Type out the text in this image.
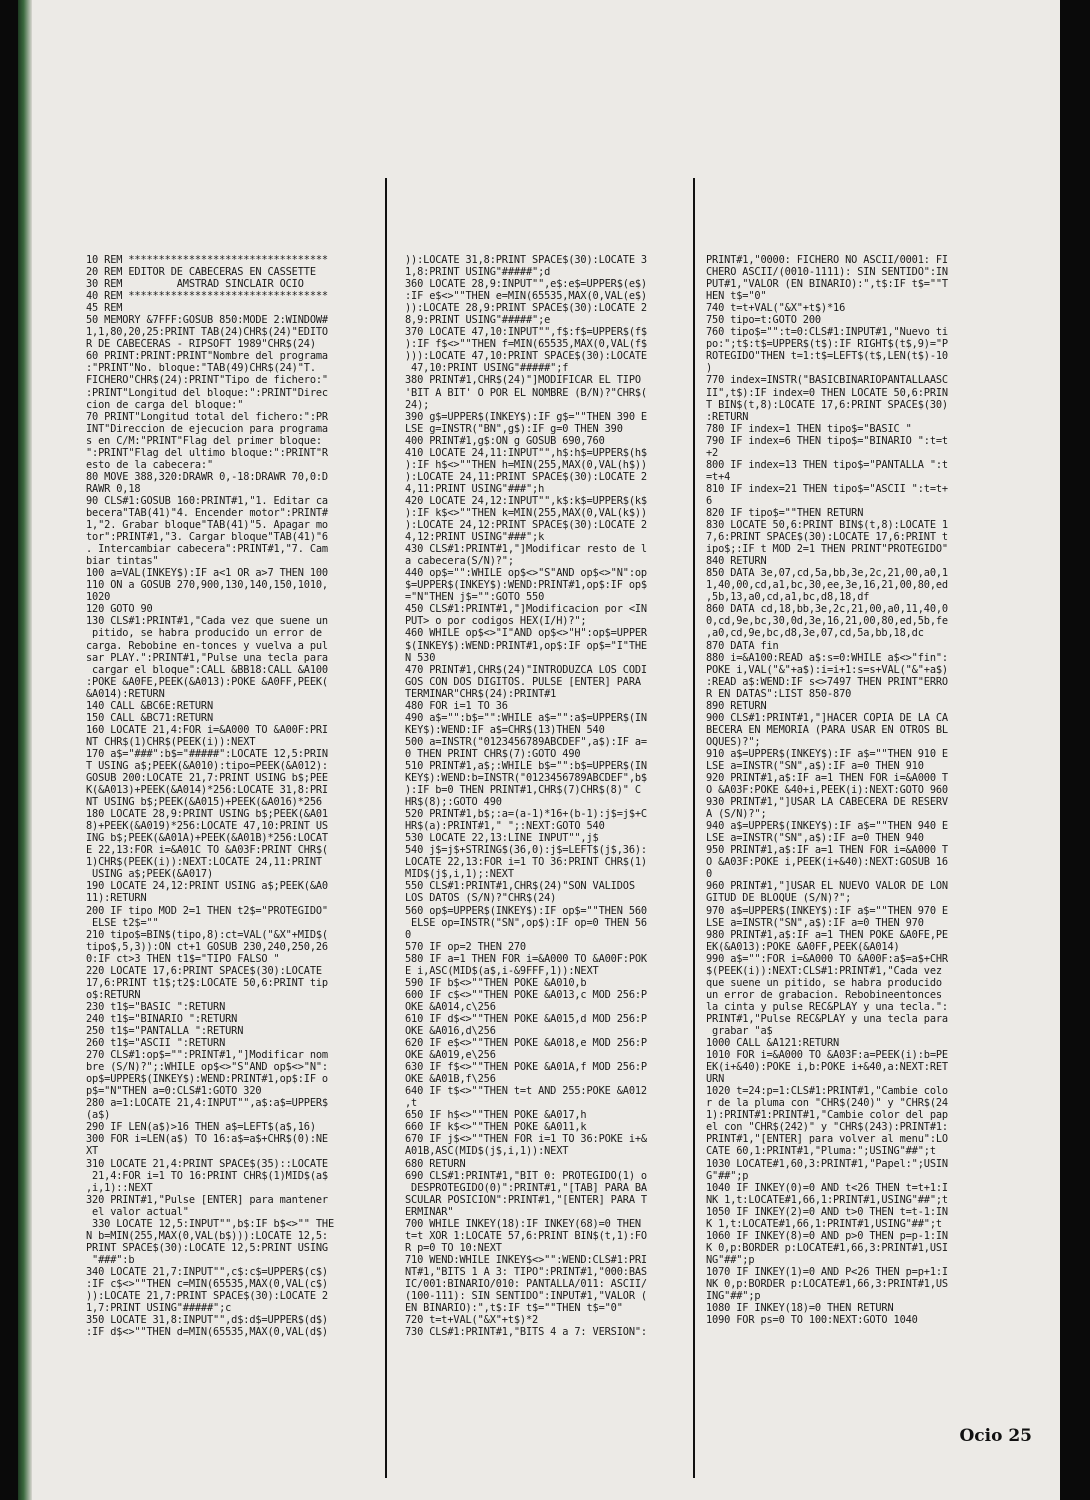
10 REM *********************************
20 REM EDITOR DE CABECERAS EN CASSETTE
30 REM         AMSTRAD SINCLAIR OCIO
40 REM *********************************
45 REM
50 MEMORY &7FFF:GOSUB 850:MODE 2:WINDOW#
1,1,80,20,25:PRINT TAB(24)CHR$(24)"EDITO
R DE CABECERAS - RIPSOFT 1989"CHR$(24)
60 PRINT:PRINT:PRINT"Nombre del programa
:"PRINT"No. bloque:"TAB(49)CHR$(24)"T.
FICHERO"CHR$(24):PRINT"Tipo de fichero:"
:PRINT"Longitud del bloque:":PRINT"Direc
cion de carga del bloque:"
70 PRINT"Longitud total del fichero:":PR
INT"Direccion de ejecucion para programa
s en C/M:"PRINT"Flag del primer bloque:
":PRINT"Flag del ultimo bloque:":PRINT"R
esto de la cabecera:"
80 MOVE 388,320:DRAWR 0,-18:DRAWR 70,0:D
RAWR 0,18
90 CLS#1:GOSUB 160:PRINT#1,"1. Editar ca
becera"TAB(41)"4. Encender motor":PRINT#
1,"2. Grabar bloque"TAB(41)"5. Apagar mo
tor":PRINT#1,"3. Cargar bloque"TAB(41)"6
. Intercambiar cabecera":PRINT#1,"7. Cam
biar tintas"
100 a=VAL(INKEY$):IF a<1 OR a>7 THEN 100
110 ON a GOSUB 270,900,130,140,150,1010,
1020
120 GOTO 90
130 CLS#1:PRINT#1,"Cada vez que suene un
pitido, se habra producido un error de
carga. Rebobine en-tonces y vuelva a pul
sar PLAY.":PRINT#1,"Pulse una tecla para
cargar el bloque":CALL &BB18:CALL &A100
:POKE &A0FE,PEEK(&A013):POKE &A0FF,PEEK(
&A014):RETURN
140 CALL &BC6E:RETURN
150 CALL &BC71:RETURN
160 LOCATE 21,4:FOR i=&A000 TO &A00F:PRI
NT CHR$(1)CHR$(PEEK(i)):NEXT
170 a$="###":b$="#####":LOCATE 12,5:PRIN
T USING a$;PEEK(&A010):tipo=PEEK(&A012):
GOSUB 200:LOCATE 21,7:PRINT USING b$;PEE
K(&A013)+PEEK(&A014)*256:LOCATE 31,8:PRI
NT USING b$;PEEK(&A015)+PEEK(&A016)*256
180 LOCATE 28,9:PRINT USING b$;PEEK(&A01
8)+PEEK(&A019)*256:LOCATE 47,10:PRINT US
ING b$;PEEK(&A01A)+PEEK(&A01B)*256:LOCAT
E 22,13:FOR i=&A01C TO &A03F:PRINT CHR$(
1)CHR$(PEEK(i)):NEXT:LOCATE 24,11:PRINT
USING a$;PEEK(&A017)
190 LOCATE 24,12:PRINT USING a$;PEEK(&A0
11):RETURN
200 IF tipo MOD 2=1 THEN t2$="PROTEGIDO"
ELSE t2$=""
210 tipo$=BIN$(tipo,8):ct=VAL("&X"+MID$(
tipo$,5,3)):ON ct+1 GOSUB 230,240,250,26
0:IF ct>3 THEN t1$="TIPO FALSO "
220 LOCATE 17,6:PRINT SPACE$(30):LOCATE
17,6:PRINT t1$;t2$:LOCATE 50,6:PRINT tip
o$:RETURN
230 t1$="BASIC ":RETURN
240 t1$="BINARIO ":RETURN
250 t1$="PANTALLA ":RETURN
260 t1$="ASCII ":RETURN
270 CLS#1:op$="":PRINT#1,"]Modificar nom
bre (S/N)?";:WHILE op$<>"S"AND op$<>"N":
op$=UPPER$(INKEY$):WEND:PRINT#1,op$:IF o
p$="N"THEN a=0:CLS#1:GOTO 320
280 a=1:LOCATE 21,4:INPUT"",a$:a$=UPPER$
(a$)
290 IF LEN(a$)>16 THEN a$=LEFT$(a$,16)
300 FOR i=LEN(a$) TO 16:a$=a$+CHR$(0):NE
XT
310 LOCATE 21,4:PRINT SPACE$(35)::LOCATE
21,4:FOR i=1 TO 16:PRINT CHR$(1)MID$(a$
,i,1)::NEXT
320 PRINT#1,"Pulse [ENTER] para mantener
el valor actual"
330 LOCATE 12,5:INPUT"",b$:IF b$<>"" THE
N b=MIN(255,MAX(0,VAL(b$))):LOCATE 12,5:
PRINT SPACE$(30):LOCATE 12,5:PRINT USING
"###":b
340 LOCATE 21,7:INPUT"",c$:c$=UPPER$(c$)
:IF c$<>""THEN c=MIN(65535,MAX(0,VAL(c$)
)):LOCATE 21,7:PRINT SPACE$(30):LOCATE 2
1,7:PRINT USING"#####";c
350 LOCATE 31,8:INPUT"",d$:d$=UPPER$(d$)
:IF d$<>""THEN d=MIN(65535,MAX(0,VAL(d$)
)):LOCATE 31,8:PRINT SPACE$(30):LOCATE 3
1,8:PRINT USING"#####";d
360 LOCATE 28,9:INPUT"",e$:e$=UPPER$(e$)
:IF e$<>""THEN e=MIN(65535,MAX(0,VAL(e$)
)):LOCATE 28,9:PRINT SPACE$(30):LOCATE 2
8,9:PRINT USING"#####";e
370 LOCATE 47,10:INPUT"",f$:f$=UPPER$(f$
):IF f$<>""THEN f=MIN(65535,MAX(0,VAL(f$
))):LOCATE 47,10:PRINT SPACE$(30):LOCATE
47,10:PRINT USING"#####";f
380 PRINT#1,CHR$(24)"]MODIFICAR EL TIPO
'BIT A BIT' O POR EL NOMBRE (B/N)?"CHR$(
24);
390 g$=UPPER$(INKEY$):IF g$=""THEN 390 E
LSE g=INSTR("BN",g$):IF g=0 THEN 390
400 PRINT#1,g$:ON g GOSUB 690,760
410 LOCATE 24,11:INPUT"",h$:h$=UPPER$(h$
):IF h$<>""THEN h=MIN(255,MAX(0,VAL(h$))
):LOCATE 24,11:PRINT SPACE$(30):LOCATE 2
4,11:PRINT USING"###";h
420 LOCATE 24,12:INPUT"",k$:k$=UPPER$(k$
):IF k$<>""THEN k=MIN(255,MAX(0,VAL(k$))
):LOCATE 24,12:PRINT SPACE$(30):LOCATE 2
4,12:PRINT USING"###";k
430 CLS#1:PRINT#1,"]Modificar resto de l
a cabecera(S/N)?";
440 op$="":WHILE op$<>"S"AND op$<>"N":op
$=UPPER$(INKEY$):WEND:PRINT#1,op$:IF op$
="N"THEN j$="":GOTO 550
450 CLS#1:PRINT#1,"]Modificacion por <IN
PUT> o por codigos HEX(I/H)?";
460 WHILE op$<>"I"AND op$<>"H":op$=UPPER
$(INKEY$):WEND:PRINT#1,op$:IF op$="I"THE
N 530
470 PRINT#1,CHR$(24)"INTRODUZCA LOS CODI
GOS CON DOS DIGITOS. PULSE [ENTER] PARA
TERMINAR"CHR$(24):PRINT#1
480 FOR i=1 TO 36
490 a$="":b$="":WHILE a$="":a$=UPPER$(IN
KEY$):WEND:IF a$=CHR$(13)THEN 540
500 a=INSTR("0123456789ABCDEF",a$):IF a=
0 THEN PRINT CHR$(7):GOTO 490
510 PRINT#1,a$;:WHILE b$="":b$=UPPER$(IN
KEY$):WEND:b=INSTR("0123456789ABCDEF",b$
):IF b=0 THEN PRINT#1,CHR$(7)CHR$(8)" C
HR$(8);:GOTO 490
520 PRINT#1,b$;:a=(a-1)*16+(b-1):j$=j$+C
HR$(a):PRINT#1," ";:NEXT:GOTO 540
530 LOCATE 22,13:LINE INPUT"",j$
540 j$=j$+STRING$(36,0):j$=LEFT$(j$,36):
LOCATE 22,13:FOR i=1 TO 36:PRINT CHR$(1)
MID$(j$,i,1);:NEXT
550 CLS#1:PRINT#1,CHR$(24)"SON VALIDOS
LOS DATOS (S/N)?"CHR$(24)
560 op$=UPPER$(INKEY$):IF op$=""THEN 560
ELSE op=INSTR("SN",op$):IF op=0 THEN 56
0
570 IF op=2 THEN 270
580 IF a=1 THEN FOR i=&A000 TO &A00F:POK
E i,ASC(MID$(a$,i-&9FFF,1)):NEXT
590 IF b$<>""THEN POKE &A010,b
600 IF c$<>""THEN POKE &A013,c MOD 256:P
OKE &A014,c\256
610 IF d$<>""THEN POKE &A015,d MOD 256:P
OKE &A016,d\256
620 IF e$<>""THEN POKE &A018,e MOD 256:P
OKE &A019,e\256
630 IF f$<>""THEN POKE &A01A,f MOD 256:P
OKE &A01B,f\256
640 IF t$<>""THEN t=t AND 255:POKE &A012
,t
650 IF h$<>""THEN POKE &A017,h
660 IF k$<>""THEN POKE &A011,k
670 IF j$<>""THEN FOR i=1 TO 36:POKE i+&
A01B,ASC(MID$(j$,i,1)):NEXT
680 RETURN
690 CLS#1:PRINT#1,"BIT 0: PROTEGIDO(1) o
DESPROTEGIDO(0)":PRINT#1,"[TAB] PARA BA
SCULAR POSICION":PRINT#1,"[ENTER] PARA T
ERMINAR"
700 WHILE INKEY(18):IF INKEY(68)=0 THEN
t=t XOR 1:LOCATE 57,6:PRINT BIN$(t,1):FO
R p=0 TO 10:NEXT
710 WEND:WHILE INKEY$<>"":WEND:CLS#1:PRI
NT#1,"BITS 1 A 3: TIPO":PRINT#1,"000:BAS
IC/001:BINARIO/010: PANTALLA/011: ASCII/
(100-111): SIN SENTIDO":INPUT#1,"VALOR (
EN BINARIO):",t$:IF t$=""THEN t$="0"
720 t=t+VAL("&X"+t$)*2
730 CLS#1:PRINT#1,"BITS 4 a 7: VERSION":
PRINT#1,"0000: FICHERO NO ASCII/0001: FI
CHERO ASCII/(0010-1111): SIN SENTIDO":IN
PUT#1,"VALOR (EN BINARIO):",t$:IF t$=""T
HEN t$="0"
740 t=t+VAL("&X"+t$)*16
750 tipo=t:GOTO 200
760 tipo$="":t=0:CLS#1:INPUT#1,"Nuevo ti
po:";t$:t$=UPPER$(t$):IF RIGHT$(t$,9)="P
ROTEGIDO"THEN t=1:t$=LEFT$(t$,LEN(t$)-10
)
770 index=INSTR("BASICBINARIOPANTALLAASC
II",t$):IF index=0 THEN LOCATE 50,6:PRIN
T BIN$(t,8):LOCATE 17,6:PRINT SPACE$(30)
:RETURN
780 IF index=1 THEN tipo$="BASIC "
790 IF index=6 THEN tipo$="BINARIO ":t=t
+2
800 IF index=13 THEN tipo$="PANTALLA ":t
=t+4
810 IF index=21 THEN tipo$="ASCII ":t=t+
6
820 IF tipo$=""THEN RETURN
830 LOCATE 50,6:PRINT BIN$(t,8):LOCATE 1
7,6:PRINT SPACE$(30):LOCATE 17,6:PRINT t
ipo$;:IF t MOD 2=1 THEN PRINT"PROTEGIDO"
840 RETURN
850 DATA 3e,07,cd,5a,bb,3e,2c,21,00,a0,1
1,40,00,cd,a1,bc,30,ee,3e,16,21,00,80,ed
,5b,13,a0,cd,a1,bc,d8,18,df
860 DATA cd,18,bb,3e,2c,21,00,a0,11,40,0
0,cd,9e,bc,30,0d,3e,16,21,00,80,ed,5b,fe
,a0,cd,9e,bc,d8,3e,07,cd,5a,bb,18,dc
870 DATA fin
880 i=&A100:READ a$:s=0:WHILE a$<>"fin":
POKE i,VAL("&"+a$):i=i+1:s=s+VAL("&"+a$)
:READ a$:WEND:IF s<>7497 THEN PRINT"ERRO
R EN DATAS":LIST 850-870
890 RETURN
900 CLS#1:PRINT#1,"]HACER COPIA DE LA CA
BECERA EN MEMORIA (PARA USAR EN OTROS BL
OQUES)?";
910 a$=UPPER$(INKEY$):IF a$=""THEN 910 E
LSE a=INSTR("SN",a$):IF a=0 THEN 910
920 PRINT#1,a$:IF a=1 THEN FOR i=&A000 T
O &A03F:POKE &40+i,PEEK(i):NEXT:GOTO 960
930 PRINT#1,"]USAR LA CABECERA DE RESERV
A (S/N)?";
940 a$=UPPER$(INKEY$):IF a$=""THEN 940 E
LSE a=INSTR("SN",a$):IF a=0 THEN 940
950 PRINT#1,a$:IF a=1 THEN FOR i=&A000 T
O &A03F:POKE i,PEEK(i+&40):NEXT:GOSUB 16
0
960 PRINT#1,"]USAR EL NUEVO VALOR DE LON
GITUD DE BLOQUE (S/N)?";
970 a$=UPPER$(INKEY$):IF a$=""THEN 970 E
LSE a=INSTR("SN",a$):IF a=0 THEN 970
980 PRINT#1,a$:IF a=1 THEN POKE &A0FE,PE
EK(&A013):POKE &A0FF,PEEK(&A014)
990 a$="":FOR i=&A000 TO &A00F:a$=a$+CHR
$(PEEK(i)):NEXT:CLS#1:PRINT#1,"Cada vez
que suene un pitido, se habra producido
un error de grabacion. Rebobineentonces
la cinta y pulse REC&PLAY y una tecla.":
PRINT#1,"Pulse REC&PLAY y una tecla para
grabar "a$
1000 CALL &A121:RETURN
1010 FOR i=&A000 TO &A03F:a=PEEK(i):b=PE
EK(i+&40):POKE i,b:POKE i+&40,a:NEXT:RET
URN
1020 t=24:p=1:CLS#1:PRINT#1,"Cambie colo
r de la pluma con "CHR$(240)" y "CHR$(24
1):PRINT#1:PRINT#1,"Cambie color del pap
el con "CHR$(242)" y "CHR$(243):PRINT#1:
PRINT#1,"[ENTER] para volver al menu":LO
CATE 60,1:PRINT#1,"Pluma:";USING"##";t
1030 LOCATE#1,60,3:PRINT#1,"Papel:";USIN
G"##";p
1040 IF INKEY(0)=0 AND t<26 THEN t=t+1:I
NK 1,t:LOCATE#1,66,1:PRINT#1,USING"##";t
1050 IF INKEY(2)=0 AND t>0 THEN t=t-1:IN
K 1,t:LOCATE#1,66,1:PRINT#1,USING"##";t
1060 IF INKEY(8)=0 AND p>0 THEN p=p-1:IN
K 0,p:BORDER p:LOCATE#1,66,3:PRINT#1,USI
NG"##";p
1070 IF INKEY(1)=0 AND P<26 THEN p=p+1:I
NK 0,p:BORDER p:LOCATE#1,66,3:PRINT#1,US
ING"##";p
1080 IF INKEY(18)=0 THEN RETURN
1090 FOR ps=0 TO 100:NEXT:GOTO 1040
Ocio 25
